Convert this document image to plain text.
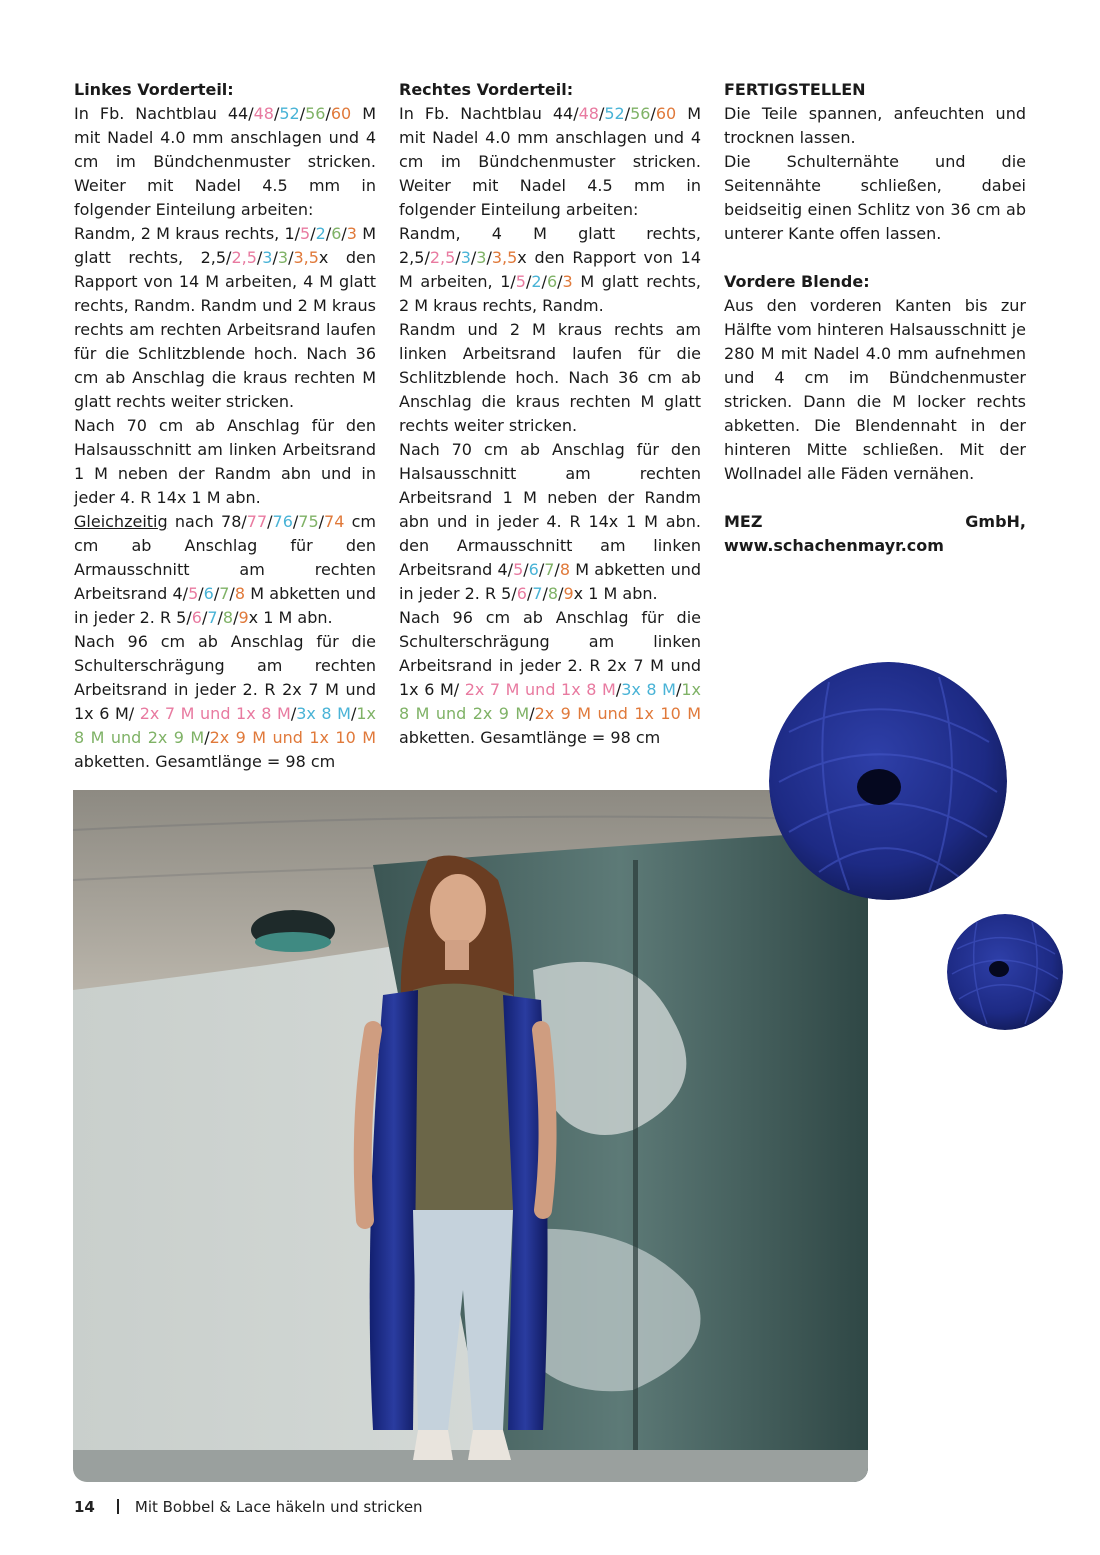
Linkes Vorderteil:
In Fb. Nachtblau 44/48/52/56/60 M mit Nadel 4.0 mm anschlagen und 4 cm im Bündchenmuster stricken. Weiter mit Nadel 4.5 mm in folgender Einteilung arbeiten:
Randm, 2 M kraus rechts, 1/5/2/6/3 M glatt rechts, 2,5/2,5/3/3/3,5x den Rapport von 14 M arbeiten, 4 M glatt rechts, Randm. Randm und 2 M kraus rechts am rechten Arbeitsrand laufen für die Schlitzblende hoch. Nach 36 cm ab Anschlag die kraus rechten M glatt rechts weiter stricken.
Nach 70 cm ab Anschlag für den Halsausschnitt am linken Arbeitsrand 1 M neben der Randm abn und in jeder 4. R 14x 1 M abn.
Gleichzeitig nach 78/77/76/75/74 cm cm ab Anschlag für den Armausschnitt am rechten Arbeitsrand 4/5/6/7/8 M abketten und in jeder 2. R 5/6/7/8/9x 1 M abn.
Nach 96 cm ab Anschlag für die Schulterschrägung am rechten Arbeitsrand in jeder 2. R 2x 7 M und 1x 6 M/ 2x 7 M und 1x 8 M/3x 8 M/1x 8 M und 2x 9 M/2x 9 M und 1x 10 M abketten. Gesamtlänge = 98 cm
Rechtes Vorderteil:
In Fb. Nachtblau 44/48/52/56/60 M mit Nadel 4.0 mm anschlagen und 4 cm im Bündchenmuster stricken. Weiter mit Nadel 4.5 mm in folgender Einteilung arbeiten:
Randm, 4 M glatt rechts, 2,5/2,5/3/3/3,5x den Rapport von 14 M arbeiten, 1/5/2/6/3 M glatt rechts, 2 M kraus rechts, Randm.
Randm und 2 M kraus rechts am linken Arbeitsrand laufen für die Schlitzblende hoch. Nach 36 cm ab Anschlag die kraus rechten M glatt rechts weiter stricken.
Nach 70 cm ab Anschlag für den Halsausschnitt am rechten Arbeitsrand 1 M neben der Randm abn und in jeder 4. R 14x 1 M abn. den Armausschnitt am linken Arbeitsrand 4/5/6/7/8 M abketten und in jeder 2. R 5/6/7/8/9x 1 M abn.
Nach 96 cm ab Anschlag für die Schulterschrägung am linken Arbeitsrand in jeder 2. R 2x 7 M und 1x 6 M/ 2x 7 M und 1x 8 M/3x 8 M/1x 8 M und 2x 9 M/2x 9 M und 1x 10 M abketten. Gesamtlänge = 98 cm
FERTIGSTELLEN
Die Teile spannen, anfeuchten und trocknen lassen.
Die Schulternähte und die Seitennähte schließen, dabei beidseitig einen Schlitz von 36 cm ab unterer Kante offen lassen.
Vordere Blende:
Aus den vorderen Kanten bis zur Hälfte vom hinteren Halsausschnitt je 280 M mit Nadel 4.0 mm aufnehmen und 4 cm im Bündchenmuster stricken. Dann die M locker rechts abketten. Die Blendennaht in der hinteren Mitte schließen. Mit der Wollnadel alle Fäden vernähen.
MEZ GmbH, www.schachenmayr.com
14	Mit Bobbel & Lace häkeln und stricken
